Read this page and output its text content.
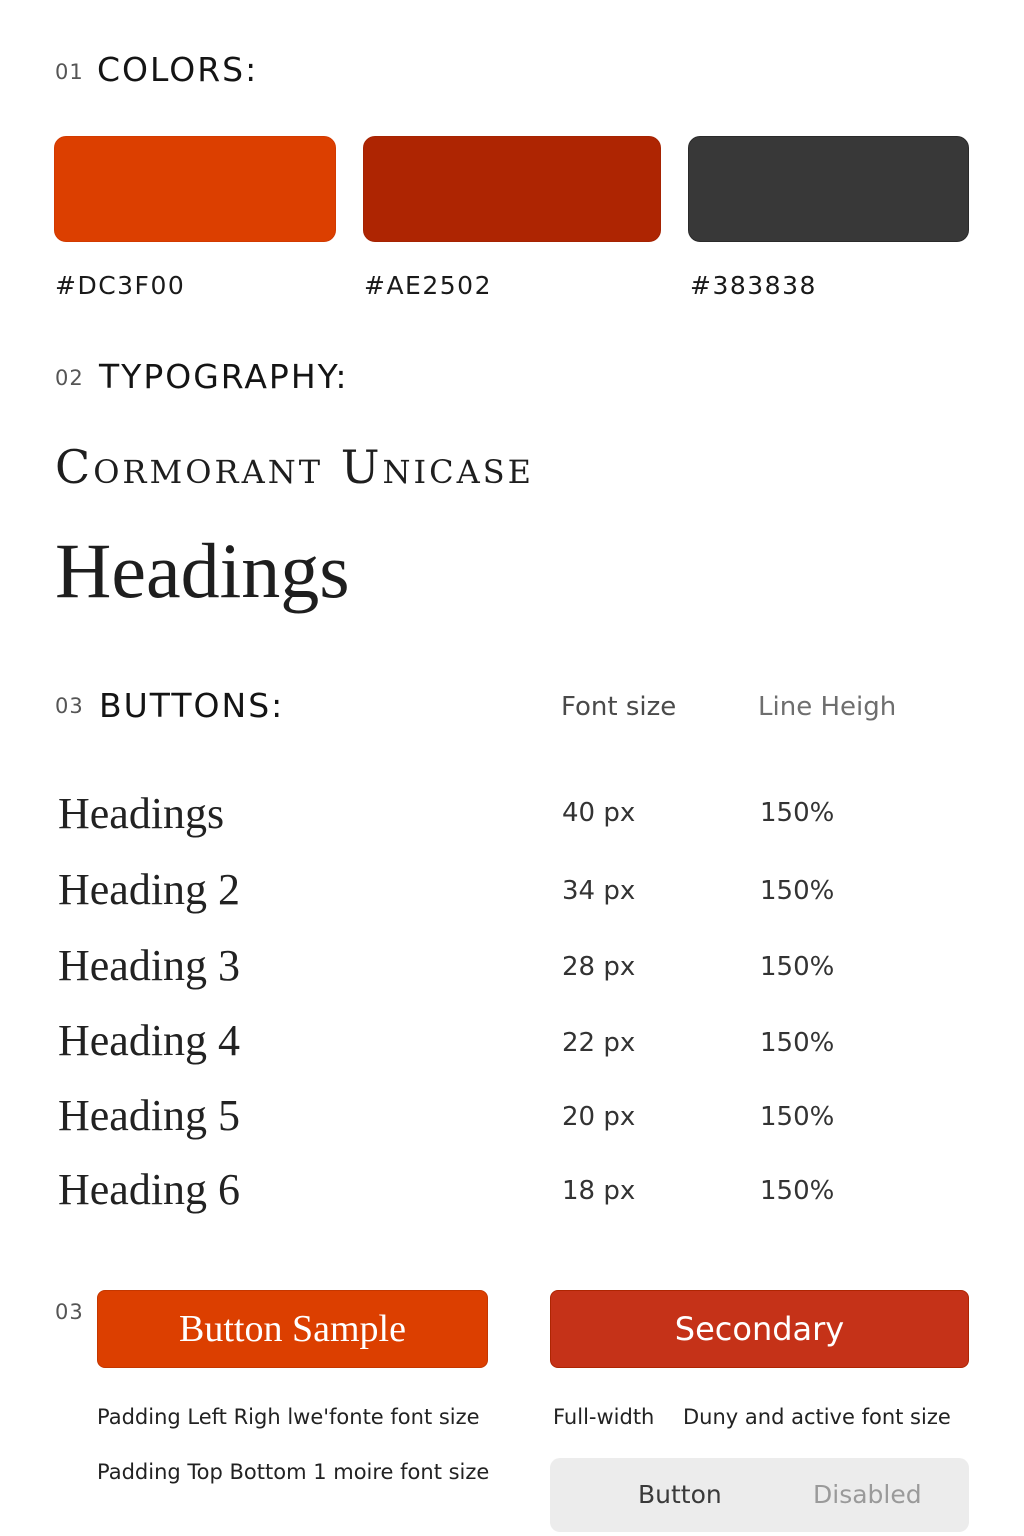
01 COLORS:
#DC3F00	#AE2502	#383838
02 TYPOGRAPHY:
Cormorant Unicase
Headings
03 BUTTONS:	Font size	Line Heigh
Headings	40 px	150%
Heading 2	34 px	150%
Heading 3	28 px	150%
Heading 4	22 px	150%
Heading 5	20 px	150%
Heading 6	18 px	150%
03	Button Sample	Secondary
Padding Left Righ lwe'fonte font size
Padding Top Bottom 1 moire font size
Full-width Duny and active font size
Button	Disabled
